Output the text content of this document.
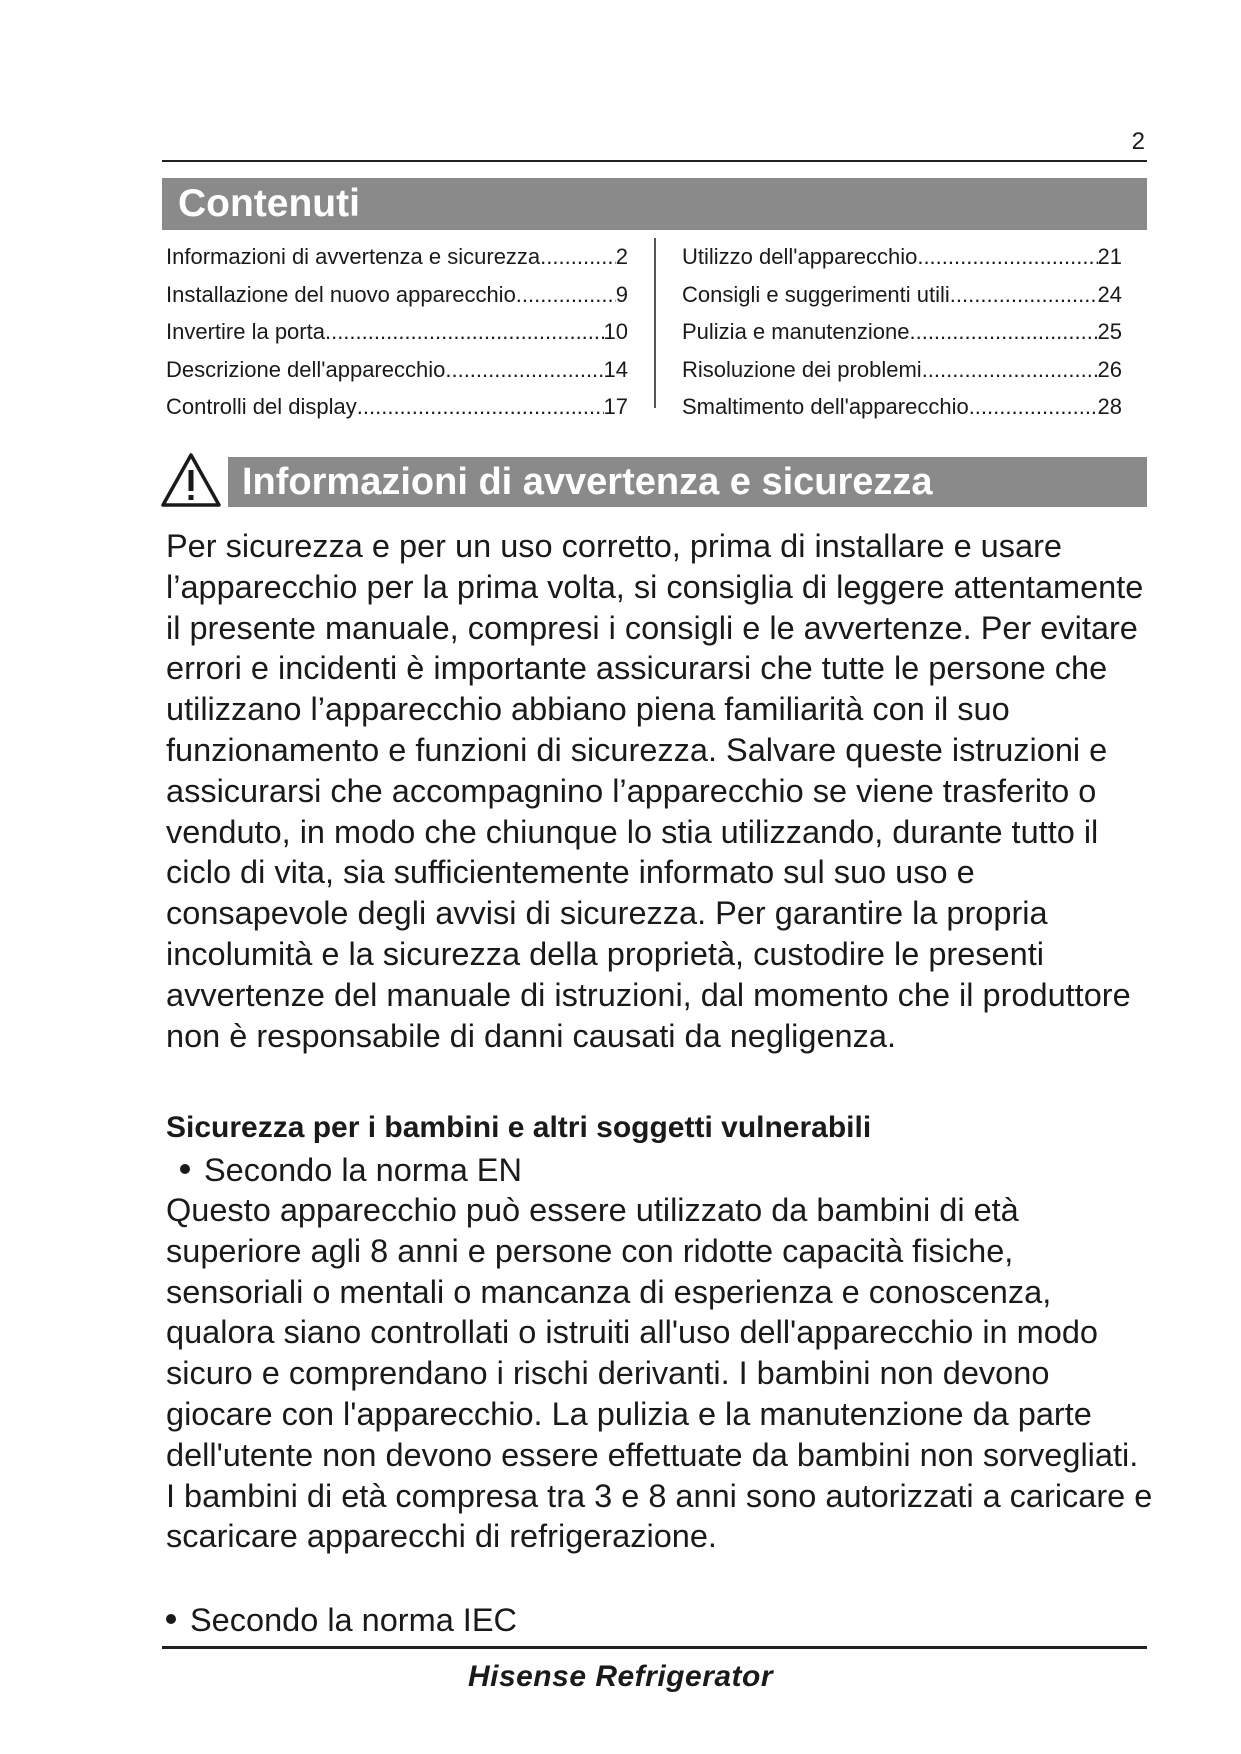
2
Contenuti
Informazioni di avvertenza e sicurezza .....	2
Installazione del nuovo apparecchio. .....	9
Invertire la porta .....	10
Descrizione dell'apparecchio .....	14
Controlli del display .....	17
Utilizzo dell'apparecchio .....	21
Consigli e suggerimenti utili .....	24
Pulizia e manutenzione .....	25
Risoluzione dei problemi .....	26
Smaltimento dell'apparecchio .....	28
Informazioni di avvertenza e sicurezza

Per sicurezza e per un uso corretto, prima di installare e usare l’apparecchio per la prima volta, si consiglia di leggere attentamente il presente manuale, compresi i consigli e le avvertenze. Per evitare errori e incidenti è importante assicurarsi che tutte le persone che utilizzano l’apparecchio abbiano piena familiarità con il suo funzionamento e funzioni di sicurezza. Salvare queste istruzioni e assicurarsi che accompagnino l’apparecchio se viene trasferito o venduto, in modo che chiunque lo stia utilizzando, durante tutto il ciclo di vita, sia sufficientemente informato sul suo uso e consapevole degli avvisi di sicurezza. Per garantire la propria incolumità e la sicurezza della proprietà, custodire le presenti avvertenze del manuale di istruzioni, dal momento che il produttore non è responsabile di danni causati da negligenza.

Sicurezza per i bambini e altri soggetti vulnerabili
Secondo la norma EN

Questo apparecchio può essere utilizzato da bambini di età superiore agli 8 anni e persone con ridotte capacità fisiche, sensoriali o mentali o mancanza di esperienza e conoscenza, qualora siano controllati o istruiti all'uso dell'apparecchio in modo sicuro e comprendano i rischi derivanti. I bambini non devono giocare con l'apparecchio. La pulizia e la manutenzione da parte dell'utente non devono essere effettuate da bambini non sorvegliati. I bambini di età compresa tra 3 e 8 anni sono autorizzati a caricare e scaricare apparecchi di refrigerazione.

Secondo la norma IEC
Hisense Refrigerator
